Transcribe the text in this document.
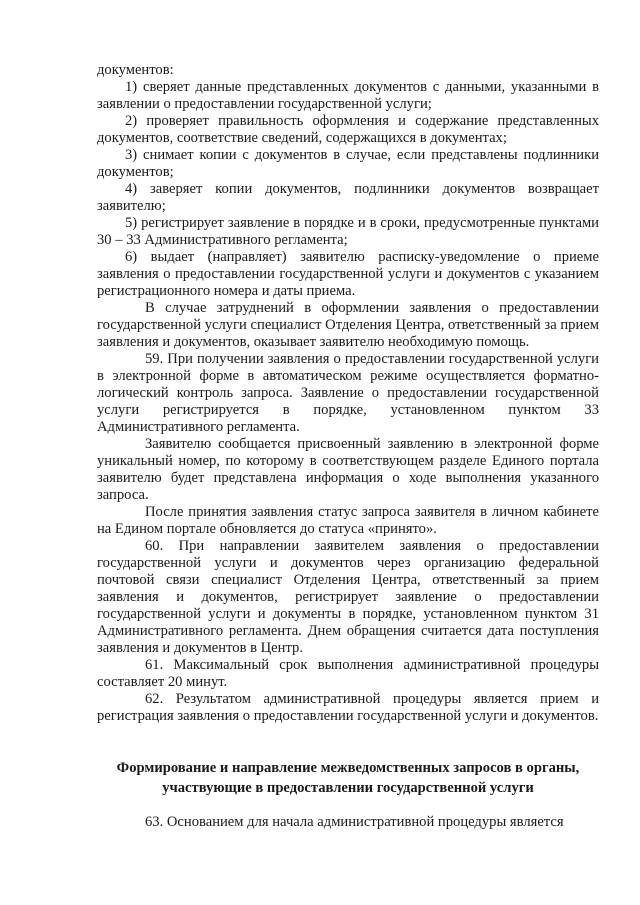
документов:

1) сверяет данные представленных документов с данными, указанными в заявлении о предоставлении государственной услуги;

2) проверяет правильность оформления и содержание представленных документов, соответствие сведений, содержащихся в документах;

3) снимает копии с документов в случае, если представлены подлинники документов;

4) заверяет копии документов, подлинники документов возвращает заявителю;

5) регистрирует заявление в порядке и в сроки, предусмотренные пунктами 30 – 33 Административного регламента;

6) выдает (направляет) заявителю расписку-уведомление о приеме заявления о предоставлении государственной услуги и документов с указанием регистрационного номера и даты приема.

В случае затруднений в оформлении заявления о предоставлении государственной услуги специалист Отделения Центра, ответственный за прием заявления и документов, оказывает заявителю необходимую помощь.

59. При получении заявления о предоставлении государственной услуги в электронной форме в автоматическом режиме осуществляется форматно-логический контроль запроса. Заявление о предоставлении государственной услуги регистрируется в порядке, установленном пунктом 33 Административного регламента.

Заявителю сообщается присвоенный заявлению в электронной форме уникальный номер, по которому в соответствующем разделе Единого портала заявителю будет представлена информация о ходе выполнения указанного запроса.

После принятия заявления статус запроса заявителя в личном кабинете на Едином портале обновляется до статуса «принято».

60. При направлении заявителем заявления о предоставлении государственной услуги и документов через организацию федеральной почтовой связи специалист Отделения Центра, ответственный за прием заявления и документов, регистрирует заявление о предоставлении государственной услуги и документы в порядке, установленном пунктом 31 Административного регламента. Днем обращения считается дата поступления заявления и документов в Центр.

61. Максимальный срок выполнения административной процедуры составляет 20 минут.

62. Результатом административной процедуры является прием и регистрация заявления о предоставлении государственной услуги и документов.

Формирование и направление межведомственных запросов в органы,
участвующие в предоставлении государственной услуги

63. Основанием для начала административной процедуры является
